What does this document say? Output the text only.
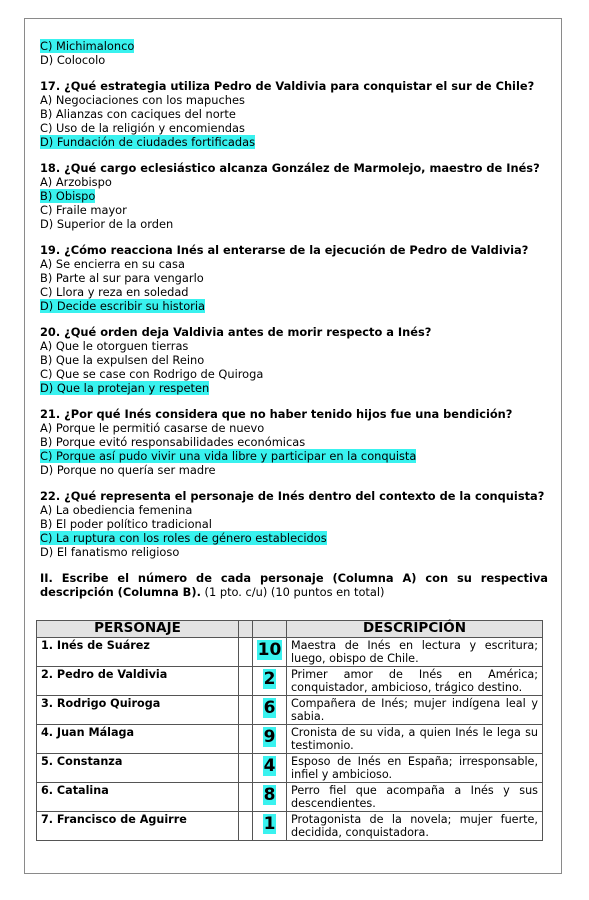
C) Michimalonco
D) Colocolo
17. ¿Qué estrategia utiliza Pedro de Valdivia para conquistar el sur de Chile?
A) Negociaciones con los mapuches
B) Alianzas con caciques del norte
C) Uso de la religión y encomiendas
D) Fundación de ciudades fortificadas
18. ¿Qué cargo eclesiástico alcanza González de Marmolejo, maestro de Inés?
A) Arzobispo
B) Obispo
C) Fraile mayor
D) Superior de la orden
19. ¿Cómo reacciona Inés al enterarse de la ejecución de Pedro de Valdivia?
A) Se encierra en su casa
B) Parte al sur para vengarlo
C) Llora y reza en soledad
D) Decide escribir su historia
20. ¿Qué orden deja Valdivia antes de morir respecto a Inés?
A) Que le otorguen tierras
B) Que la expulsen del Reino
C) Que se case con Rodrigo de Quiroga
D) Que la protejan y respeten
21. ¿Por qué Inés considera que no haber tenido hijos fue una bendición?
A) Porque le permitió casarse de nuevo
B) Porque evitó responsabilidades económicas
C) Porque así pudo vivir una vida libre y participar en la conquista
D) Porque no quería ser madre
22. ¿Qué representa el personaje de Inés dentro del contexto de la conquista?
A) La obediencia femenina
B) El poder político tradicional
C) La ruptura con los roles de género establecidos
D) El fanatismo religioso
II. Escribe el número de cada personaje (Columna A) con su respectiva descripción (Columna B). (1 pto. c/u) (10 puntos en total)
PERSONAJE			DESCRIPCIÓN
1. Inés de Suárez		10	Maestra de Inés en lectura y escritura; luego, obispo de Chile.
2. Pedro de Valdivia		2	Primer amor de Inés en América; conquistador, ambicioso, trágico destino.
3. Rodrigo Quiroga		6	Compañera de Inés; mujer indígena leal y sabia.
4. Juan Málaga		9	Cronista de su vida, a quien Inés le lega su testimonio.
5. Constanza		4	Esposo de Inés en España; irresponsable, infiel y ambicioso.
6. Catalina		8	Perro fiel que acompaña a Inés y sus descendientes.
7. Francisco de Aguirre		1	Protagonista de la novela; mujer fuerte, decidida, conquistadora.
